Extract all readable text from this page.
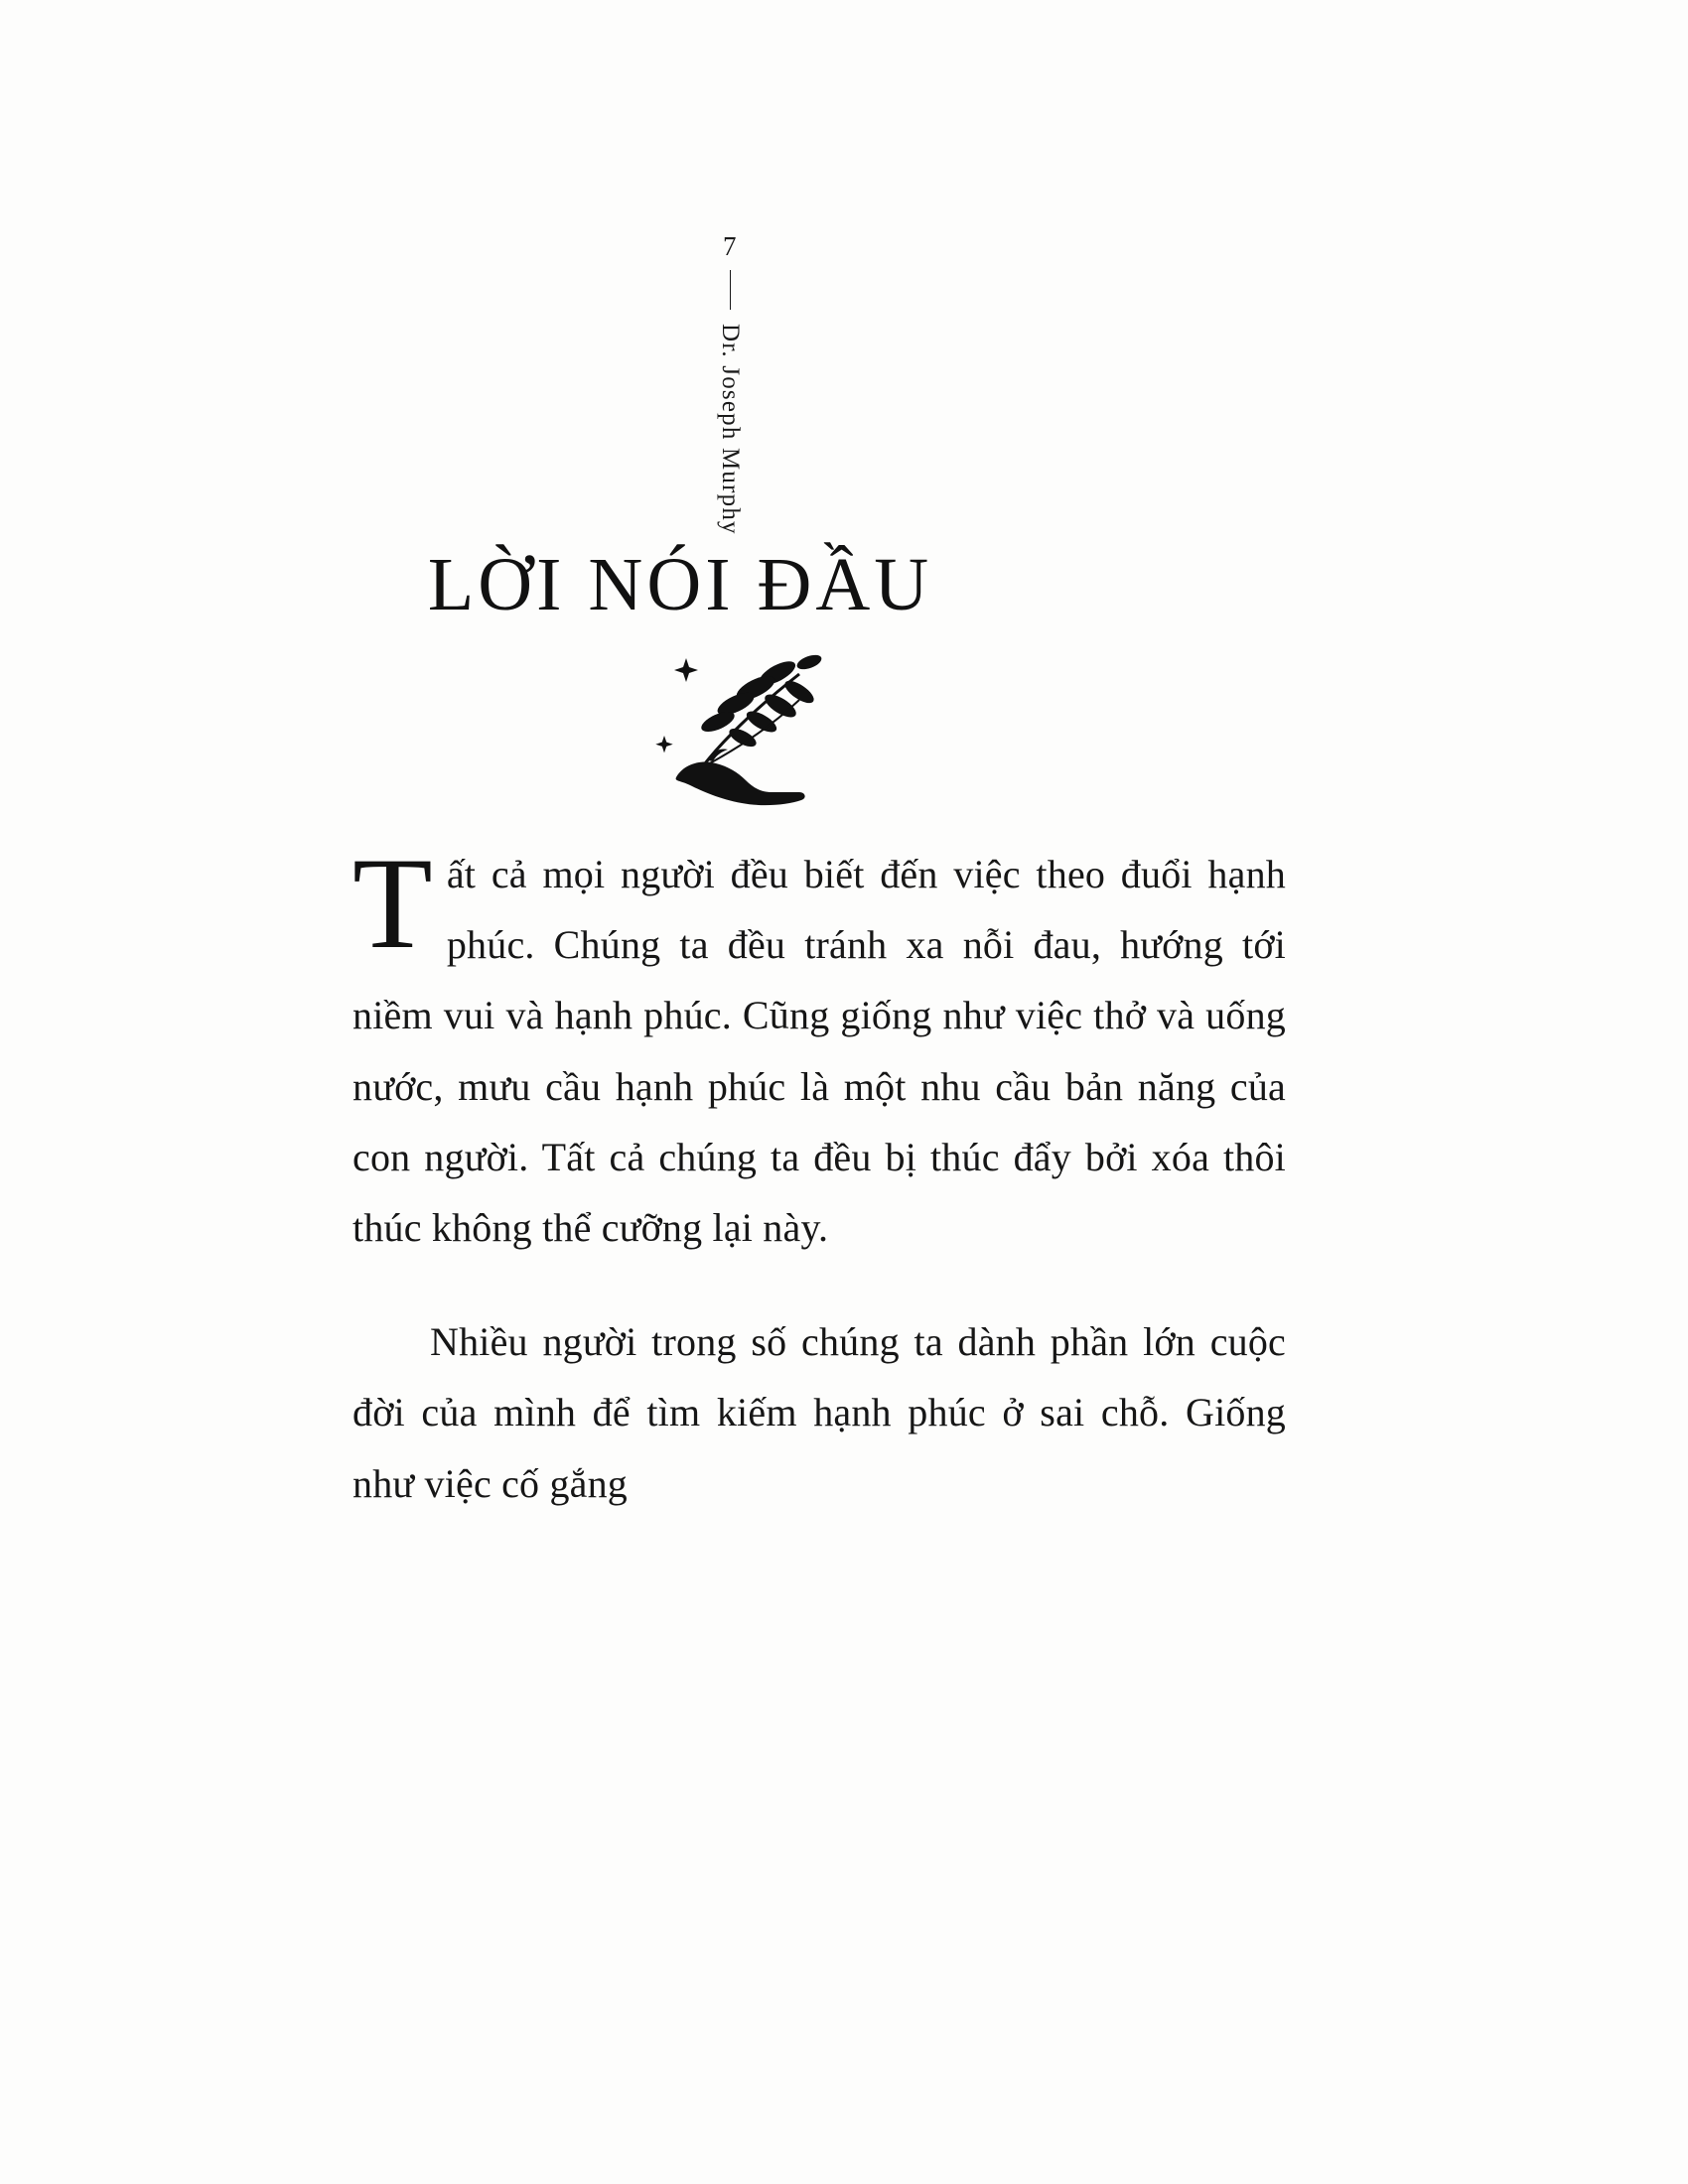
7
Dr. Joseph Murphy
LỜI NÓI ĐẦU

Tất cả mọi người đều biết đến việc theo đuổi hạnh phúc. Chúng ta đều tránh xa nỗi đau, hướng tới niềm vui và hạnh phúc. Cũng giống như việc thở và uống nước, mưu cầu hạnh phúc là một nhu cầu bản năng của con người. Tất cả chúng ta đều bị thúc đẩy bởi xóa thôi thúc không thể cưỡng lại này.

Nhiều người trong số chúng ta dành phần lớn cuộc đời của mình để tìm kiếm hạnh phúc ở sai chỗ. Giống như việc cố gắng
